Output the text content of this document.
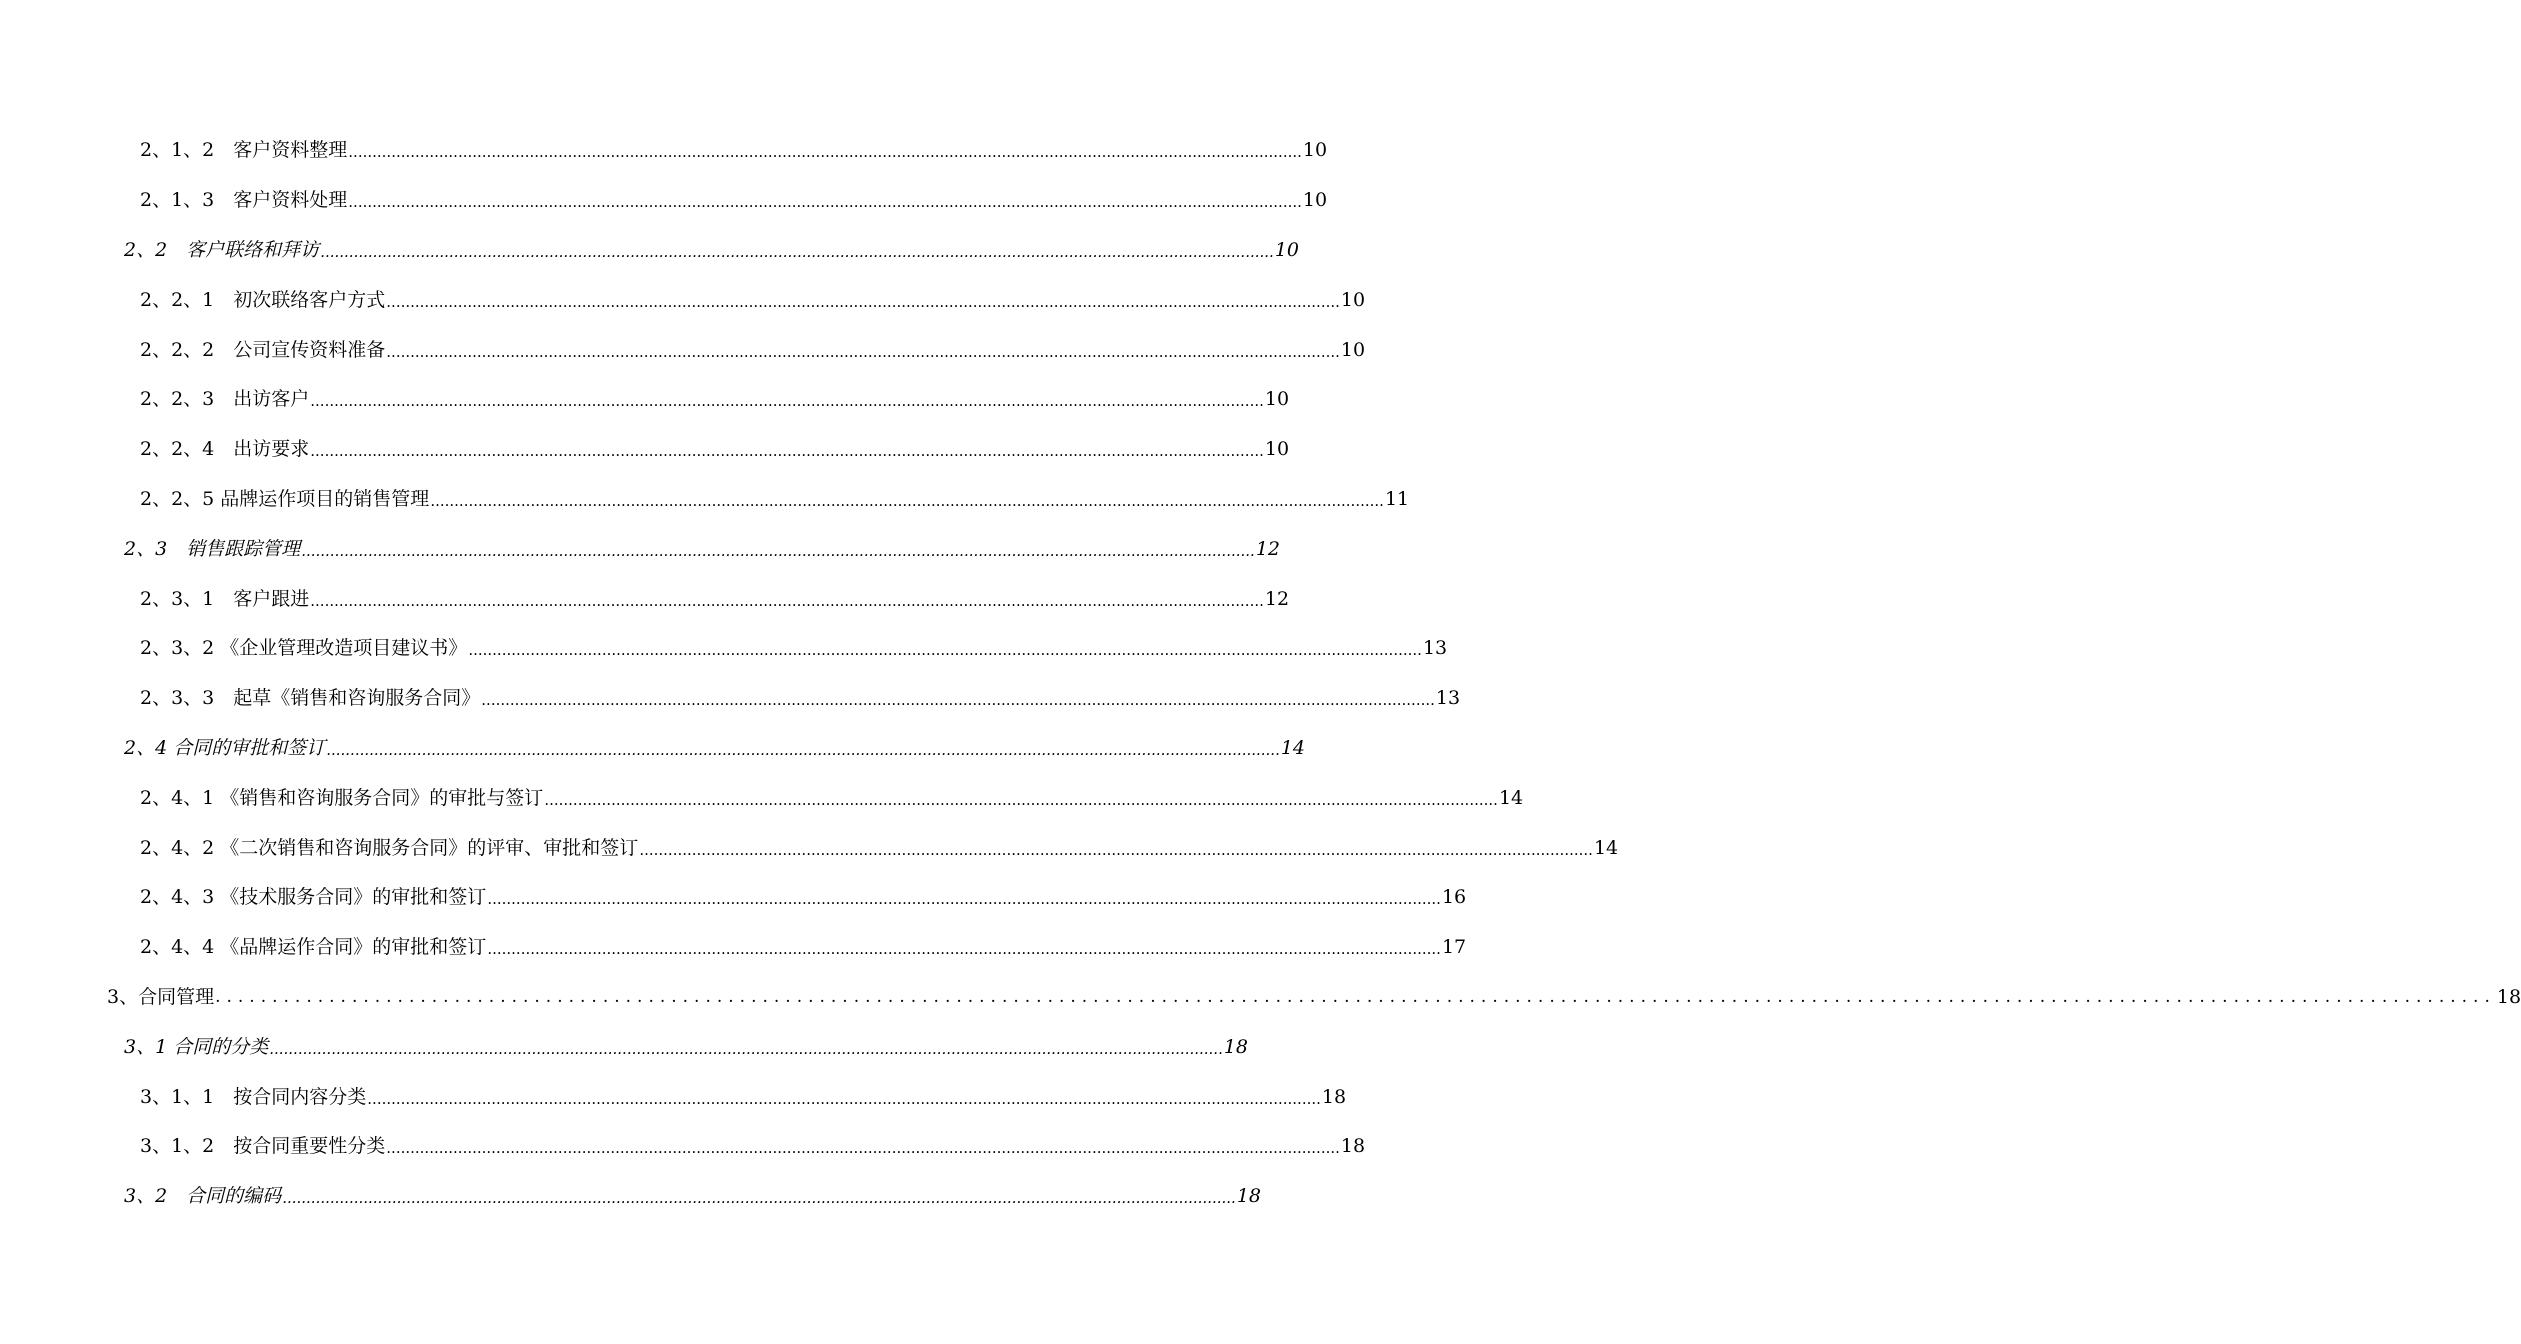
2、1、2　客户资料整理 ........................................................................................................................................................................................................ 10
2、1、3　客户资料处理 ........................................................................................................................................................................................................ 10
2、2　客户联络和拜访 ........................................................................................................................................................................................................ 10
2、2、1　初次联络客户方式 ........................................................................................................................................................................................................ 10
2、2、2　公司宣传资料准备 ........................................................................................................................................................................................................ 10
2、2、3　出访客户 ........................................................................................................................................................................................................ 10
2、2、4　出访要求 ........................................................................................................................................................................................................ 10
2、2、5 品牌运作项目的销售管理 ........................................................................................................................................................................................................ 11
2、3　销售跟踪管理 ........................................................................................................................................................................................................ 12
2、3、1　客户跟进 ........................................................................................................................................................................................................ 12
2、3、2 《企业管理改造项目建议书》 ........................................................................................................................................................................................................ 13
2、3、3　起草《销售和咨询服务合同》 ........................................................................................................................................................................................................ 13
2、4 合同的审批和签订 ........................................................................................................................................................................................................ 14
2、4、1 《销售和咨询服务合同》的审批与签订 ........................................................................................................................................................................................................ 14
2、4、2 《二次销售和咨询服务合同》的评审、审批和签订 ........................................................................................................................................................................................................ 14
2、4、3 《技术服务合同》的审批和签订 ........................................................................................................................................................................................................ 16
2、4、4 《品牌运作合同》的审批和签订 ........................................................................................................................................................................................................ 17
3、合同管理 ........................................................................................................................................................................................................ 18
3、1 合同的分类 ........................................................................................................................................................................................................ 18
3、1、1　按合同内容分类 ........................................................................................................................................................................................................ 18
3、1、2　按合同重要性分类 ........................................................................................................................................................................................................ 18
3、2　合同的编码 ........................................................................................................................................................................................................ 18
